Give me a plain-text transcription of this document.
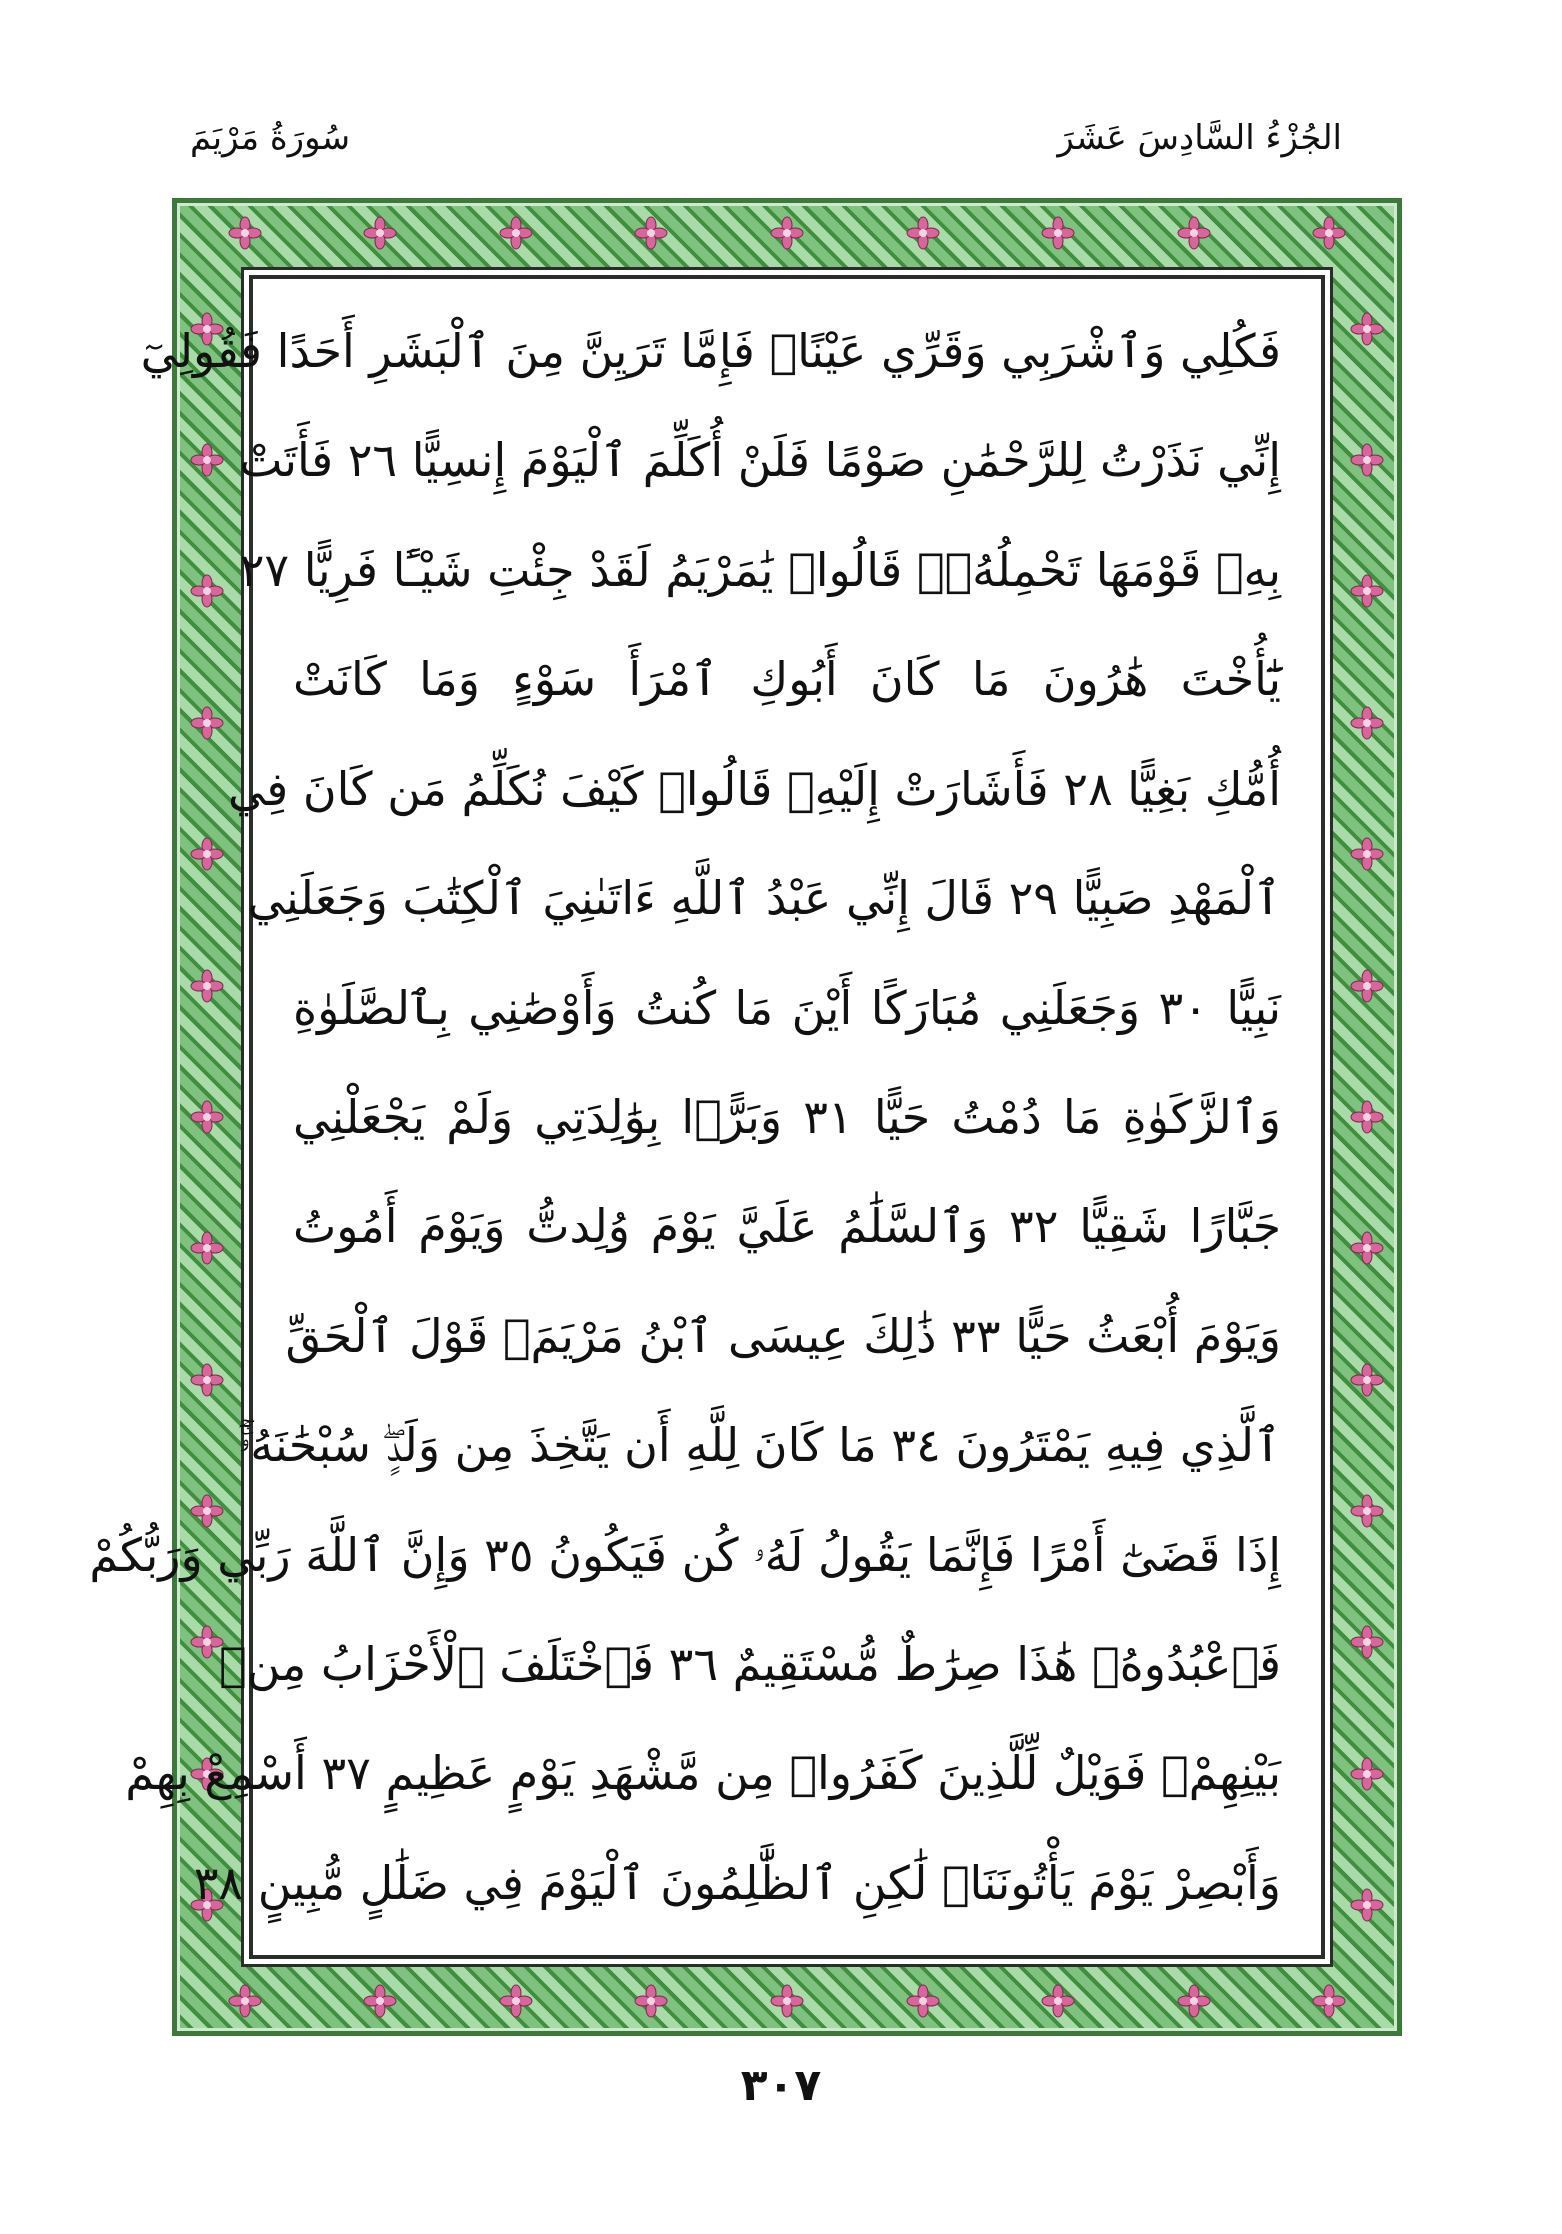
سُورَةُ مَرْيَمَ	الجُزْءُ السَّادِسَ عَشَرَ
فَكُلِي وَٱشْرَبِي وَقَرِّي عَيْنًاۖ فَإِمَّا تَرَيِنَّ مِنَ ٱلْبَشَرِ أَحَدًا فَقُولِيٓ
إِنِّي نَذَرْتُ لِلرَّحْمَٰنِ صَوْمًا فَلَنْ أُكَلِّمَ ٱلْيَوْمَ إِنسِيًّا ٢٦ فَأَتَتْ
بِهِۦ قَوْمَهَا تَحْمِلُهُۥۖ قَالُوا۟ يَٰمَرْيَمُ لَقَدْ جِئْتِ شَيْـًٔا فَرِيًّا ٢٧
يَٰٓأُخْتَ هَٰرُونَ مَا كَانَ أَبُوكِ ٱمْرَأَ سَوْءٍ وَمَا كَانَتْ
أُمُّكِ بَغِيًّا ٢٨ فَأَشَارَتْ إِلَيْهِۖ قَالُوا۟ كَيْفَ نُكَلِّمُ مَن كَانَ فِي
ٱلْمَهْدِ صَبِيًّا ٢٩ قَالَ إِنِّي عَبْدُ ٱللَّهِ ءَاتَىٰنِيَ ٱلْكِتَٰبَ وَجَعَلَنِي
نَبِيًّا ٣٠ وَجَعَلَنِي مُبَارَكًا أَيْنَ مَا كُنتُ وَأَوْصَٰنِي بِٱلصَّلَوٰةِ
وَٱلزَّكَوٰةِ مَا دُمْتُ حَيًّا ٣١ وَبَرًّۢا بِوَٰلِدَتِي وَلَمْ يَجْعَلْنِي
جَبَّارًا شَقِيًّا ٣٢ وَٱلسَّلَٰمُ عَلَيَّ يَوْمَ وُلِدتُّ وَيَوْمَ أَمُوتُ
وَيَوْمَ أُبْعَثُ حَيًّا ٣٣ ذَٰلِكَ عِيسَى ٱبْنُ مَرْيَمَۖ قَوْلَ ٱلْحَقِّ
ٱلَّذِي فِيهِ يَمْتَرُونَ ٣٤ مَا كَانَ لِلَّهِ أَن يَتَّخِذَ مِن وَلَدٍۖ سُبْحَٰنَهُۥٓۚ
إِذَا قَضَىٰٓ أَمْرًا فَإِنَّمَا يَقُولُ لَهُۥ كُن فَيَكُونُ ٣٥ وَإِنَّ ٱللَّهَ رَبِّي وَرَبُّكُمْ
فَٱعْبُدُوهُۚ هَٰذَا صِرَٰطٌ مُّسْتَقِيمٌ ٣٦ فَٱخْتَلَفَ ٱلْأَحْزَابُ مِنۢ
بَيْنِهِمْۖ فَوَيْلٌ لِّلَّذِينَ كَفَرُوا۟ مِن مَّشْهَدِ يَوْمٍ عَظِيمٍ ٣٧ أَسْمِعْ بِهِمْ
وَأَبْصِرْ يَوْمَ يَأْتُونَنَاۖ لَٰكِنِ ٱلظَّٰلِمُونَ ٱلْيَوْمَ فِي ضَلَٰلٍ مُّبِينٍ ٣٨
٣٠٧
